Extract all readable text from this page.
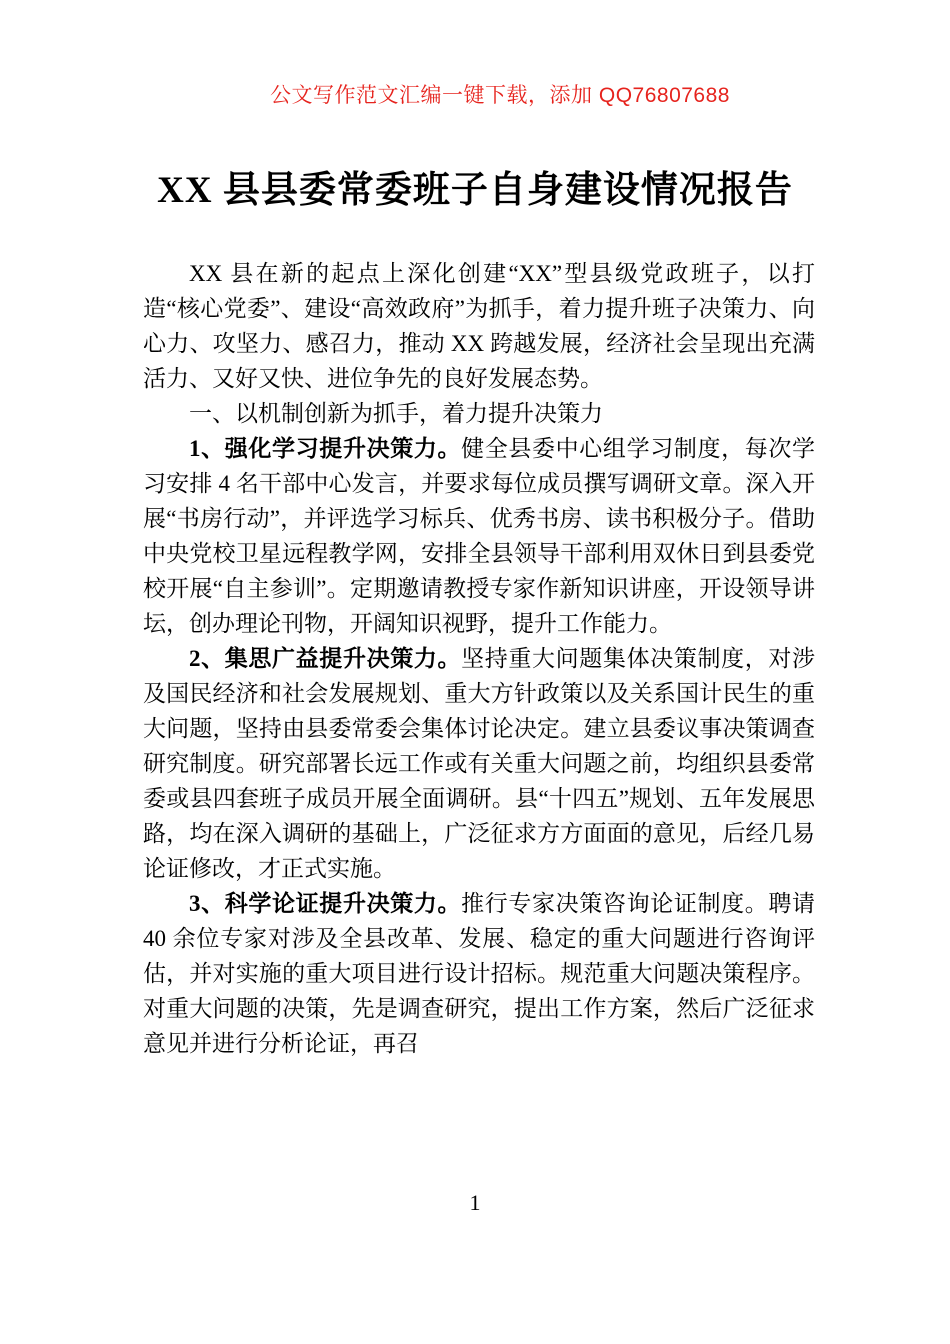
公文写作范文汇编一键下载，添加 QQ76807688
XX 县县委常委班子自身建设情况报告

XX 县在新的起点上深化创建“XX”型县级党政班子，以打造“核心党委”、建设“高效政府”为抓手，着力提升班子决策力、向心力、攻坚力、感召力，推动 XX 跨越发展，经济社会呈现出充满活力、又好又快、进位争先的良好发展态势。

一、以机制创新为抓手，着力提升决策力

1、强化学习提升决策力。健全县委中心组学习制度，每次学习安排 4 名干部中心发言，并要求每位成员撰写调研文章。深入开展“书房行动”，并评选学习标兵、优秀书房、读书积极分子。借助中央党校卫星远程教学网，安排全县领导干部利用双休日到县委党校开展“自主参训”。定期邀请教授专家作新知识讲座，开设领导讲坛，创办理论刊物，开阔知识视野，提升工作能力。

2、集思广益提升决策力。坚持重大问题集体决策制度，对涉及国民经济和社会发展规划、重大方针政策以及关系国计民生的重大问题，坚持由县委常委会集体讨论决定。建立县委议事决策调查研究制度。研究部署长远工作或有关重大问题之前，均组织县委常委或县四套班子成员开展全面调研。县“十四五”规划、五年发展思路，均在深入调研的基础上，广泛征求方方面面的意见，后经几易论证修改，才正式实施。

3、科学论证提升决策力。推行专家决策咨询论证制度。聘请 40 余位专家对涉及全县改革、发展、稳定的重大问题进行咨询评估，并对实施的重大项目进行设计招标。规范重大问题决策程序。对重大问题的决策，先是调查研究，提出工作方案，然后广泛征求意见并进行分析论证，再召

1
